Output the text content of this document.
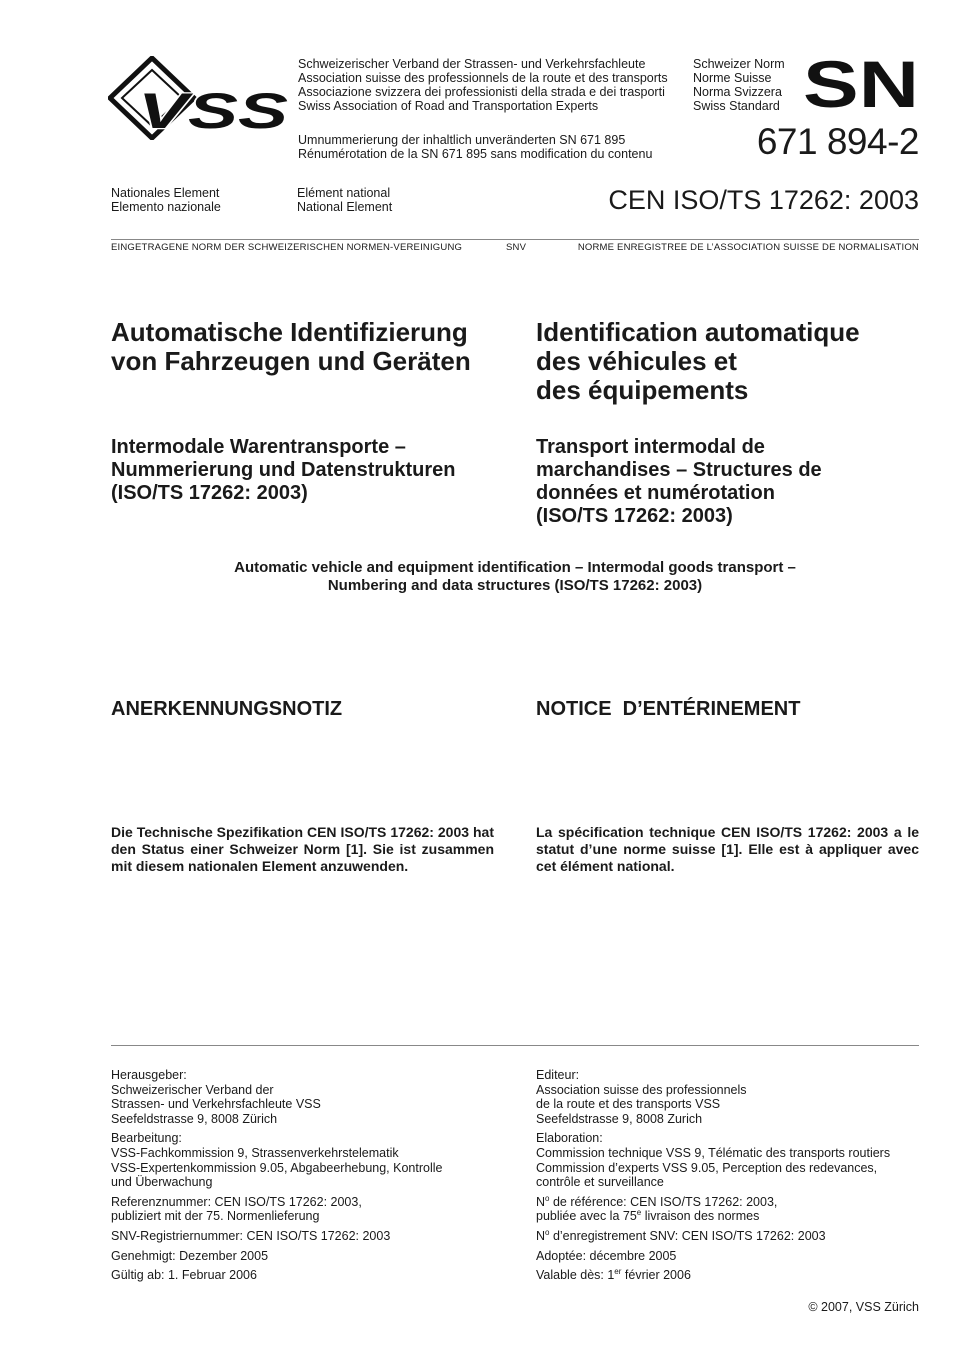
VSS
Schweizerischer Verband der Strassen- und Verkehrsfachleute
Association suisse des professionnels de la route et des transports
Associazione svizzera dei professionisti della strada e dei trasporti
Swiss Association of Road and Transportation Experts
Umnummerierung der inhaltlich unveränderten SN 671 895
Rénumérotation de la SN 671 895 sans modification du contenu
Schweizer Norm
Norme Suisse
Norma Svizzera
Swiss Standard SN
671 894-2
Nationales Element
Elemento nazionale
Elément national
National Element	CEN ISO/TS 17262: 2003
EINGETRAGENE NORM DER SCHWEIZERISCHEN NORMEN-VEREINIGUNG	SNV	NORME ENREGISTREE DE L’ASSOCIATION SUISSE DE NORMALISATION
Automatische Identifizierung
von Fahrzeugen und Geräten
Identification automatique
des véhicules et
des équipements
Intermodale Warentransporte –
Nummerierung und Datenstrukturen
(ISO/TS 17262: 2003)
Transport intermodal de
marchandises – Structures de
données et numérotation
(ISO/TS 17262: 2003)
Automatic vehicle and equipment identification – Intermodal goods transport –
Numbering and data structures (ISO/TS 17262: 2003)
ANERKENNUNGSNOTIZ	NOTICE  D’ENTÉRINEMENT
Die Technische Spezifikation CEN ISO/TS 17262: 2003 hat den Status einer Schweizer Norm [1]. Sie ist zusammen mit diesem nationalen Element anzuwenden.
La spécification technique CEN ISO/TS 17262: 2003 a le statut d’une norme suisse [1]. Elle est à appliquer avec cet élément national.
Herausgeber:
Schweizerischer Verband der
Strassen- und Verkehrsfachleute VSS
Seefeldstrasse 9, 8008 Zürich
Bearbeitung:
VSS-Fachkommission 9, Strassenverkehrstelematik
VSS-Expertenkommission 9.05, Abgabeerhebung, Kontrolle
und Überwachung
Referenznummer: CEN ISO/TS 17262: 2003,
publiziert mit der 75. Normenlieferung
SNV-Registriernummer: CEN ISO/TS 17262: 2003
Genehmigt: Dezember 2005
Gültig ab: 1. Februar 2006
Editeur:
Association suisse des professionnels
de la route et des transports VSS
Seefeldstrasse 9, 8008 Zurich
Elaboration:
Commission technique VSS 9, Télématic des transports routiers
Commission d’experts VSS 9.05, Perception des redevances,
contrôle et surveillance
$N^o$ de référence: CEN ISO/TS 17262: 2003,
publiée avec la 75e livraison des normes
$N^o$ d’enregistrement SNV: CEN ISO/TS 17262: 2003
Adoptée: décembre 2005
Valable dès: 1er février 2006
© 2007, VSS Zürich
